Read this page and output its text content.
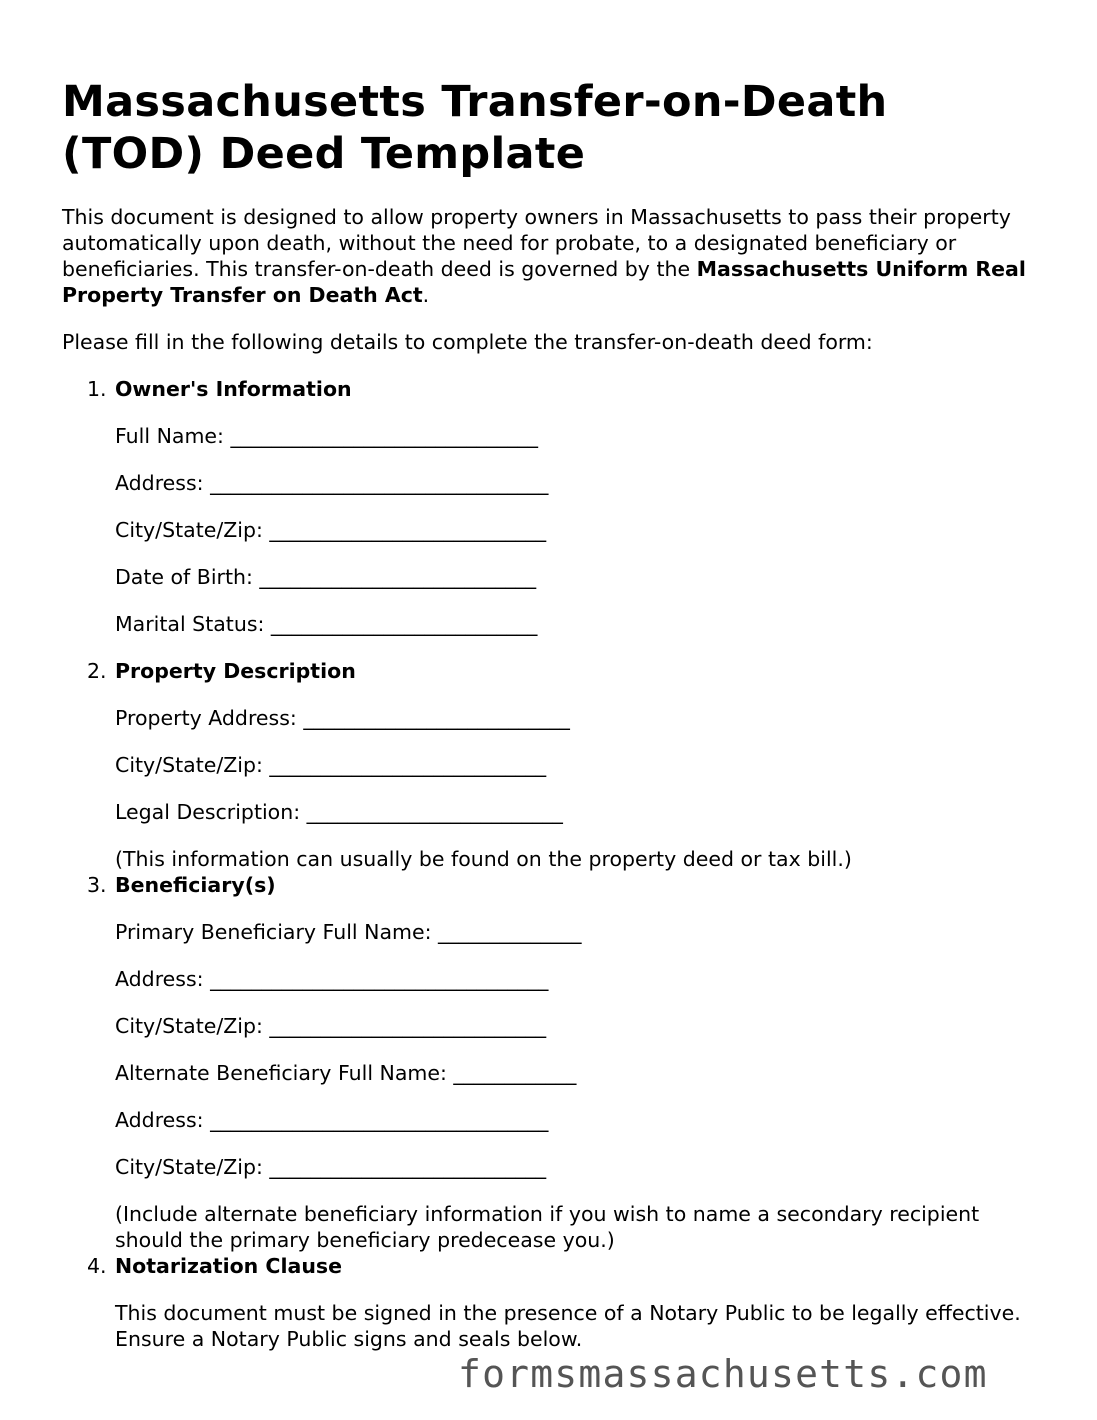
Massachusetts Transfer-on-Death (TOD) Deed Template

This document is designed to allow property owners in Massachusetts to pass their property automatically upon death, without the need for probate, to a designated beneficiary or beneficiaries. This transfer-on-death deed is governed by the Massachusetts Uniform Real Property Transfer on Death Act.

Please fill in the following details to complete the transfer-on-death deed form:

1. Owner's Information
Full Name: ______________________________
Address: _________________________________
City/State/Zip: ___________________________
Date of Birth: ___________________________
Marital Status: __________________________
2. Property Description
Property Address: __________________________
City/State/Zip: ___________________________
Legal Description: _________________________
(This information can usually be found on the property deed or tax bill.)
3. Beneficiary(s)
Primary Beneficiary Full Name: ______________
Address: _________________________________
City/State/Zip: ___________________________
Alternate Beneficiary Full Name: ____________
Address: _________________________________
City/State/Zip: ___________________________
(Include alternate beneficiary information if you wish to name a secondary recipient should the primary beneficiary predecease you.)
4. Notarization Clause
This document must be signed in the presence of a Notary Public to be legally effective. Ensure a Notary Public signs and seals below.
formsmassachusetts.com
